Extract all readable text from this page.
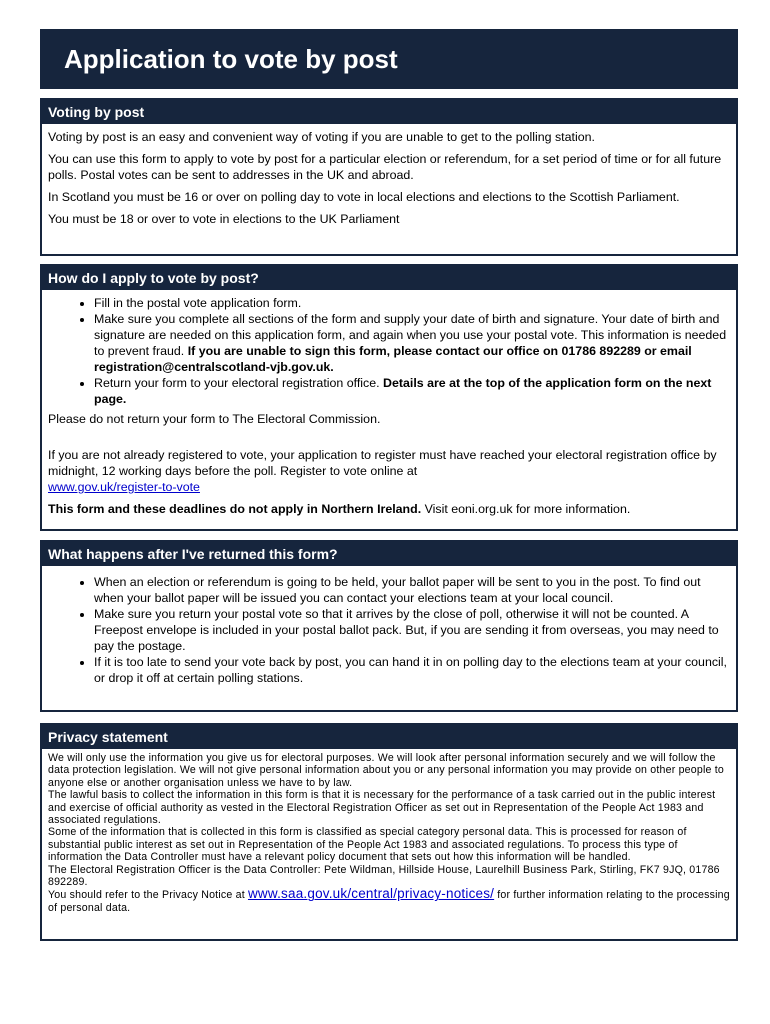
Application to vote by post
Voting by post

Voting by post is an easy and convenient way of voting if you are unable to get to the polling station.

You can use this form to apply to vote by post for a particular election or referendum, for a set period of time or for all future polls. Postal votes can be sent to addresses in the UK and abroad.

In Scotland you must be 16 or over on polling day to vote in local elections and elections to the Scottish Parliament.

You must be 18 or over to vote in elections to the UK Parliament

How do I apply to vote by post?
• Fill in the postal vote application form.
• Make sure you complete all sections of the form and supply your date of birth and signature. Your date of birth and signature are needed on this application form, and again when you use your postal vote. This information is needed to prevent fraud. If you are unable to sign this form, please contact our office on 01786 892289 or email registration@centralscotland-vjb.gov.uk.
• Return your form to your electoral registration office. Details are at the top of the application form on the next page.

Please do not return your form to The Electoral Commission.

If you are not already registered to vote, your application to register must have reached your electoral registration office by midnight, 12 working days before the poll. Register to vote online at
www.gov.uk/register-to-vote

This form and these deadlines do not apply in Northern Ireland. Visit eoni.org.uk for more information.

What happens after I've returned this form?
• When an election or referendum is going to be held, your ballot paper will be sent to you in the post. To find out when your ballot paper will be issued you can contact your elections team at your local council.
• Make sure you return your postal vote so that it arrives by the close of poll, otherwise it will not be counted. A Freepost envelope is included in your postal ballot pack. But, if you are sending it from overseas, you may need to pay the postage.
• If it is too late to send your vote back by post, you can hand it in on polling day to the elections team at your council, or drop it off at certain polling stations.
Privacy statement

We will only use the information you give us for electoral purposes. We will look after personal information securely and we will follow the data protection legislation. We will not give personal information about you or any personal information you may provide on other people to anyone else or another organisation unless we have to by law.

The lawful basis to collect the information in this form is that it is necessary for the performance of a task carried out in the public interest and exercise of official authority as vested in the Electoral Registration Officer as set out in Representation of the People Act 1983 and associated regulations.

Some of the information that is collected in this form is classified as special category personal data. This is processed for reason of substantial public interest as set out in Representation of the People Act 1983 and associated regulations. To process this type of information the Data Controller must have a relevant policy document that sets out how this information will be handled.

The Electoral Registration Officer is the Data Controller: Pete Wildman, Hillside House, Laurelhill Business Park, Stirling, FK7 9JQ, 01786 892289.

You should refer to the Privacy Notice at www.saa.gov.uk/central/privacy-notices/ for further information relating to the processing of personal data.
